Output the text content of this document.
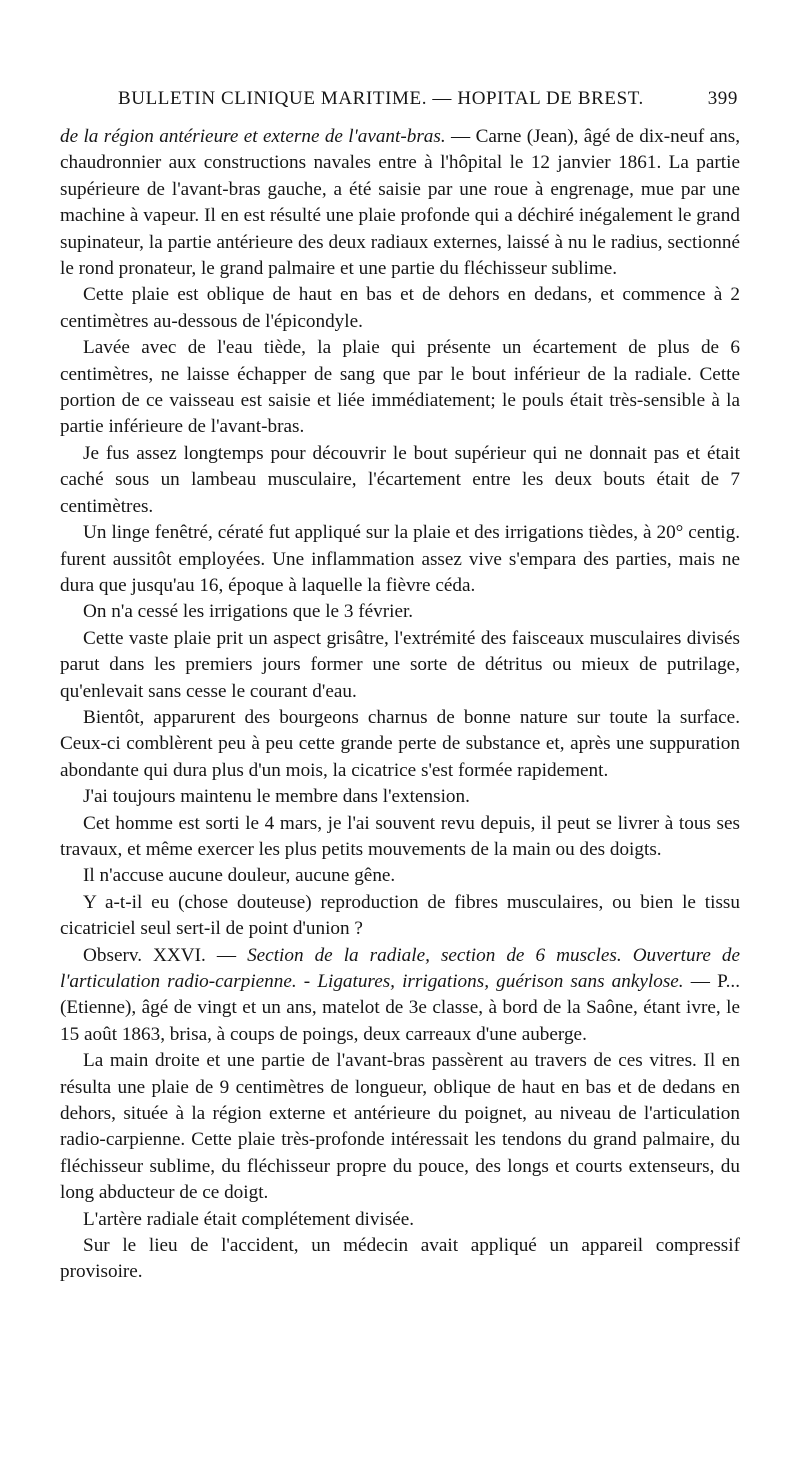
BULLETIN CLINIQUE MARITIME. — HOPITAL DE BREST.	399

de la région antérieure et externe de l'avant-bras. — Carne (Jean), âgé de dix-neuf ans, chaudronnier aux constructions navales entre à l'hôpital le 12 janvier 1861. La partie supérieure de l'avant-bras gauche, a été saisie par une roue à engrenage, mue par une machine à vapeur. Il en est résulté une plaie profonde qui a déchiré inégalement le grand supinateur, la partie antérieure des deux radiaux externes, laissé à nu le radius, sectionné le rond pronateur, le grand palmaire et une partie du fléchisseur sublime.

Cette plaie est oblique de haut en bas et de dehors en dedans, et commence à 2 centimètres au-dessous de l'épicondyle.

Lavée avec de l'eau tiède, la plaie qui présente un écartement de plus de 6 centimètres, ne laisse échapper de sang que par le bout inférieur de la radiale. Cette portion de ce vaisseau est saisie et liée immédiatement; le pouls était très-sensible à la partie inférieure de l'avant-bras.

Je fus assez longtemps pour découvrir le bout supérieur qui ne donnait pas et était caché sous un lambeau musculaire, l'écartement entre les deux bouts était de 7 centimètres.

Un linge fenêtré, cératé fut appliqué sur la plaie et des irrigations tièdes, à 20° centig. furent aussitôt employées. Une inflammation assez vive s'empara des parties, mais ne dura que jusqu'au 16, époque à laquelle la fièvre céda.

On n'a cessé les irrigations que le 3 février.

Cette vaste plaie prit un aspect grisâtre, l'extrémité des faisceaux musculaires divisés parut dans les premiers jours former une sorte de détritus ou mieux de putrilage, qu'enlevait sans cesse le courant d'eau.

Bientôt, apparurent des bourgeons charnus de bonne nature sur toute la surface. Ceux-ci comblèrent peu à peu cette grande perte de substance et, après une suppuration abondante qui dura plus d'un mois, la cicatrice s'est formée rapidement.

J'ai toujours maintenu le membre dans l'extension.

Cet homme est sorti le 4 mars, je l'ai souvent revu depuis, il peut se livrer à tous ses travaux, et même exercer les plus petits mouvements de la main ou des doigts.

Il n'accuse aucune douleur, aucune gêne.

Y a-t-il eu (chose douteuse) reproduction de fibres musculaires, ou bien le tissu cicatriciel seul sert-il de point d'union ?

Observ. XXVI. — Section de la radiale, section de 6 muscles. Ouverture de l'articulation radio-carpienne. - Ligatures, irrigations, guérison sans ankylose. — P... (Etienne), âgé de vingt et un ans, matelot de 3e classe, à bord de la Saône, étant ivre, le 15 août 1863, brisa, à coups de poings, deux carreaux d'une auberge.

La main droite et une partie de l'avant-bras passèrent au travers de ces vitres. Il en résulta une plaie de 9 centimètres de longueur, oblique de haut en bas et de dedans en dehors, située à la région externe et antérieure du poignet, au niveau de l'articulation radio-carpienne. Cette plaie très-profonde intéressait les tendons du grand palmaire, du fléchisseur sublime, du fléchisseur propre du pouce, des longs et courts extenseurs, du long abducteur de ce doigt.

L'artère radiale était complétement divisée.

Sur le lieu de l'accident, un médecin avait appliqué un appareil compressif provisoire.
